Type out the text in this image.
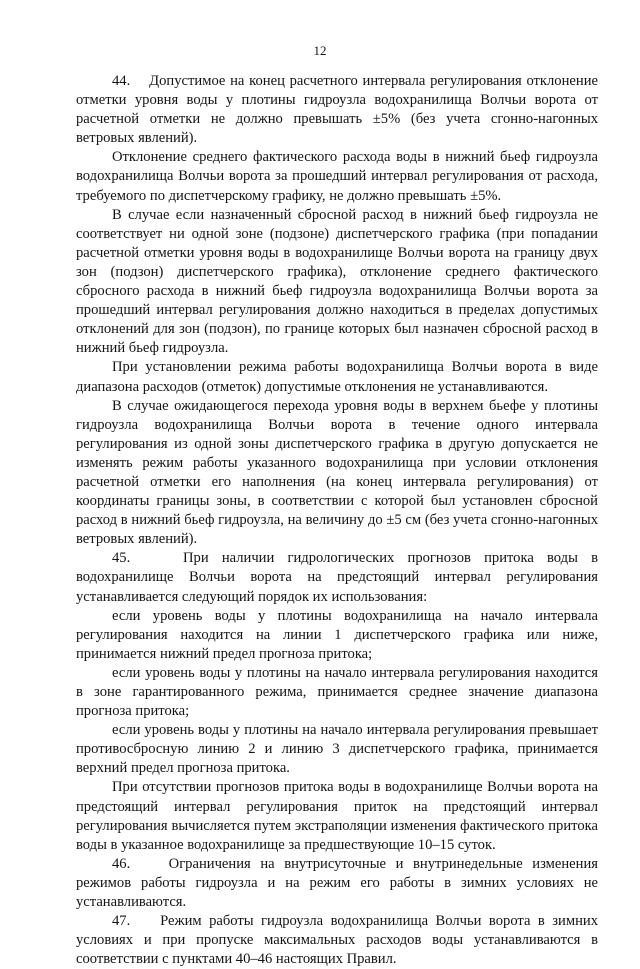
12

44.    Допустимое на конец расчетного интервала регулирования отклонение отметки уровня воды у плотины гидроузла водохранилища Волчьи ворота от расчетной отметки не должно превышать ±5% (без учета сгонно-нагонных ветровых явлений).

Отклонение среднего фактического расхода воды в нижний бьеф гидроузла водохранилища Волчьи ворота за прошедший интервал регулирования от расхода, требуемого по диспетчерскому графику, не должно превышать ±5%.

В случае если назначенный сбросной расход в нижний бьеф гидроузла не соответствует ни одной зоне (подзоне) диспетчерского графика (при попадании расчетной отметки уровня воды в водохранилище Волчьи ворота на границу двух зон (подзон) диспетчерского графика), отклонение среднего фактического сбросного расхода в нижний бьеф гидроузла водохранилища Волчьи ворота за прошедший интервал регулирования должно находиться в пределах допустимых отклонений для зон (подзон), по границе которых был назначен сбросной расход в нижний бьеф гидроузла.

При установлении режима работы водохранилища Волчьи ворота в виде диапазона расходов (отметок) допустимые отклонения не устанавливаются.

В случае ожидающегося перехода уровня воды в верхнем бьефе у плотины гидроузла водохранилища Волчьи ворота в течение одного интервала регулирования из одной зоны диспетчерского графика в другую допускается не изменять режим работы указанного водохранилища при условии отклонения расчетной отметки его наполнения (на конец интервала регулирования) от координаты границы зоны, в соответствии с которой был установлен сбросной расход в нижний бьеф гидроузла, на величину до ±5 см (без учета сгонно-нагонных ветровых явлений).

45.    При наличии гидрологических прогнозов притока воды в водохранилище Волчьи ворота на предстоящий интервал регулирования устанавливается следующий порядок их использования:

если уровень воды у плотины водохранилища на начало интервала регулирования находится на линии 1 диспетчерского графика или ниже, принимается нижний предел прогноза притока;

если уровень воды у плотины на начало интервала регулирования находится в зоне гарантированного режима, принимается среднее значение диапазона прогноза притока;

если уровень воды у плотины на начало интервала регулирования превышает противосбросную линию 2 и линию 3 диспетчерского графика, принимается верхний предел прогноза притока.

При отсутствии прогнозов притока воды в водохранилище Волчьи ворота на предстоящий интервал регулирования приток на предстоящий интервал регулирования вычисляется путем экстраполяции изменения фактического притока воды в указанное водохранилище за предшествующие 10–15 суток.

46.    Ограничения на внутрисуточные и внутринедельные изменения режимов работы гидроузла и на режим его работы в зимних условиях не устанавливаются.

47.    Режим работы гидроузла водохранилища Волчьи ворота в зимних условиях и при пропуске максимальных расходов воды устанавливаются в соответствии с пунктами 40–46 настоящих Правил.
